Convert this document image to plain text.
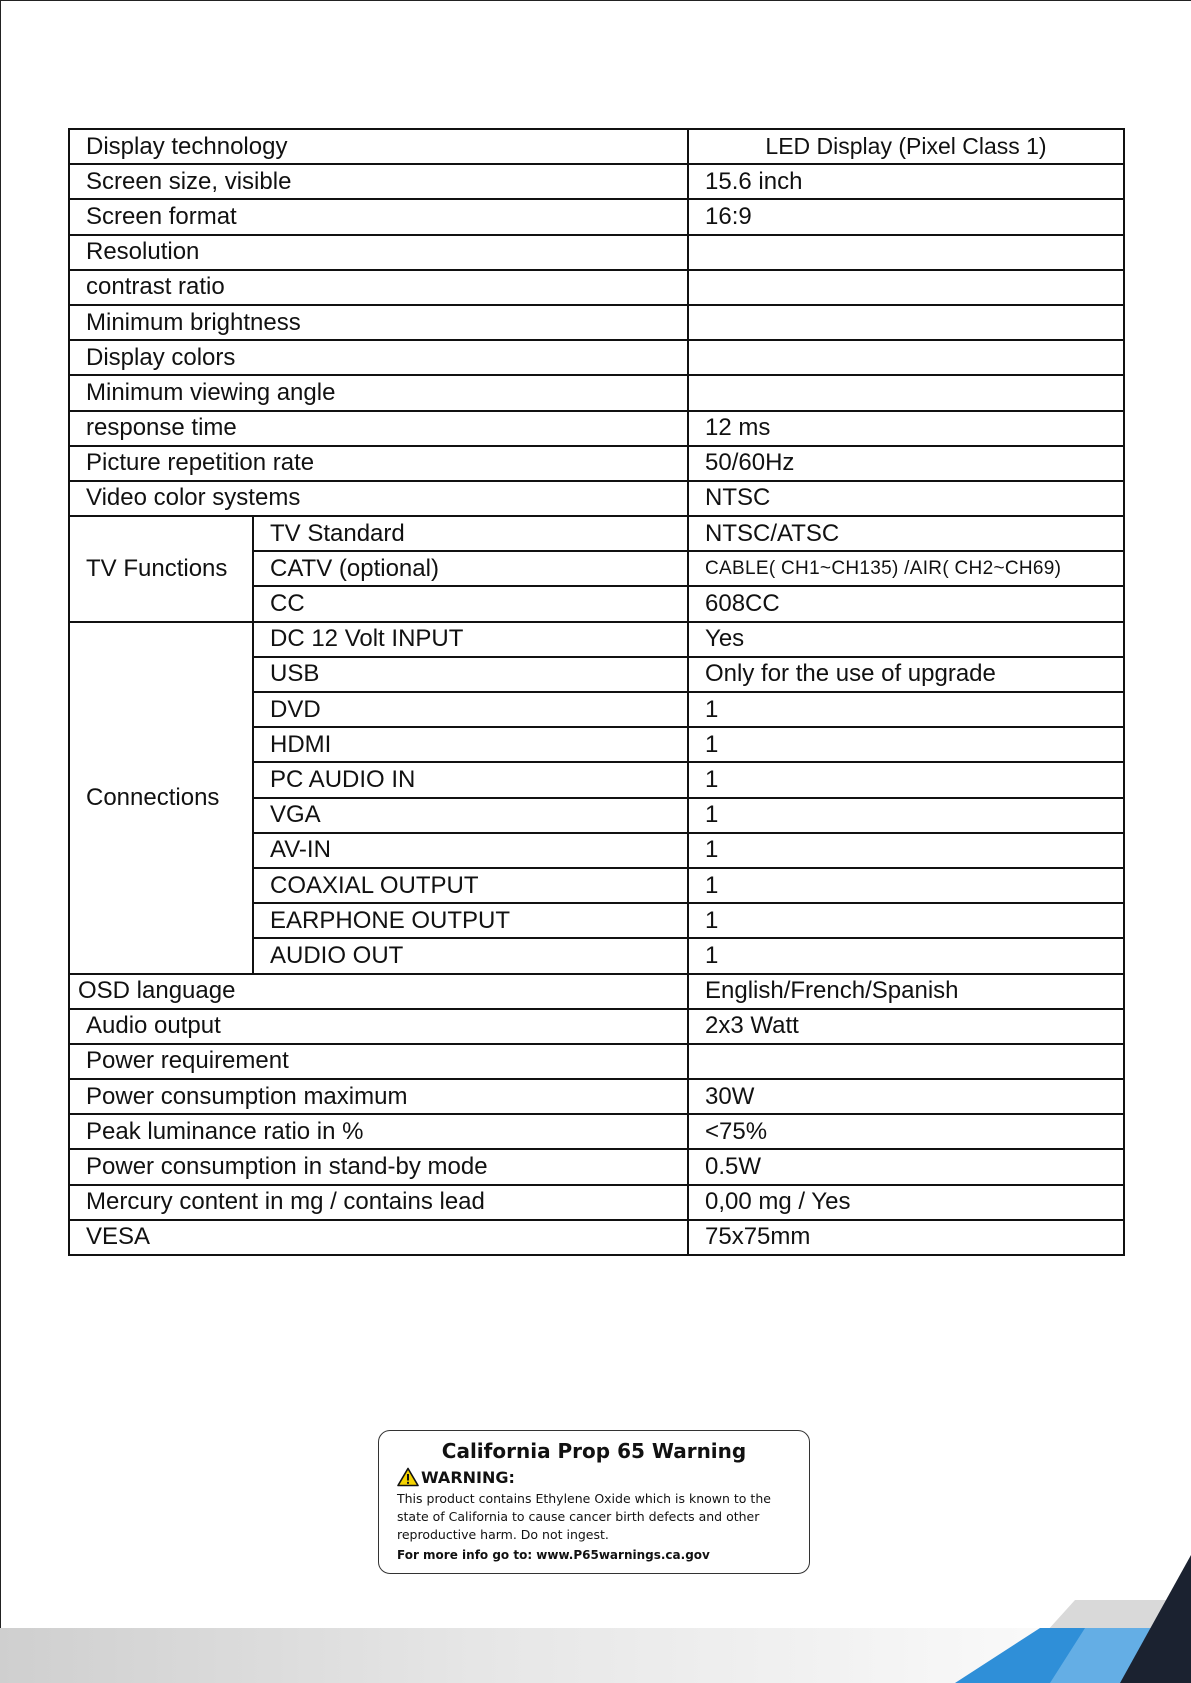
Display technology		LED Display (Pixel Class 1)
Screen size, visible		15.6 inch
Screen format		16:9
Resolution		
contrast ratio		
Minimum brightness		
Display colors		
Minimum viewing angle		
response time		12 ms
Picture repetition rate		50/60Hz
Video color systems		NTSC
TV Functions	TV Standard	NTSC/ATSC
	CATV (optional)	CABLE( CH1~CH135) /AIR( CH2~CH69)
	CC	608CC
Connections	DC 12 Volt INPUT	Yes
	USB	Only for the use of upgrade
	DVD	1
	HDMI	1
	PC AUDIO IN	1
	VGA	1
	AV-IN	1
	COAXIAL OUTPUT	1
	EARPHONE OUTPUT	1
	AUDIO OUT	1
OSD language		English/French/Spanish
Audio output		2x3 Watt
Power requirement		
Power consumption maximum		30W
Peak luminance ratio in %		<75%
Power consumption in stand-by mode		0.5W
Mercury content in mg / contains lead		0,00 mg / Yes
VESA		75x75mm
California Prop 65 Warning
WARNING:

This product contains Ethylene Oxide which is known to the state of California to cause cancer birth defects and other reproductive harm. Do not ingest.

For more info go to: www.P65warnings.ca.gov
